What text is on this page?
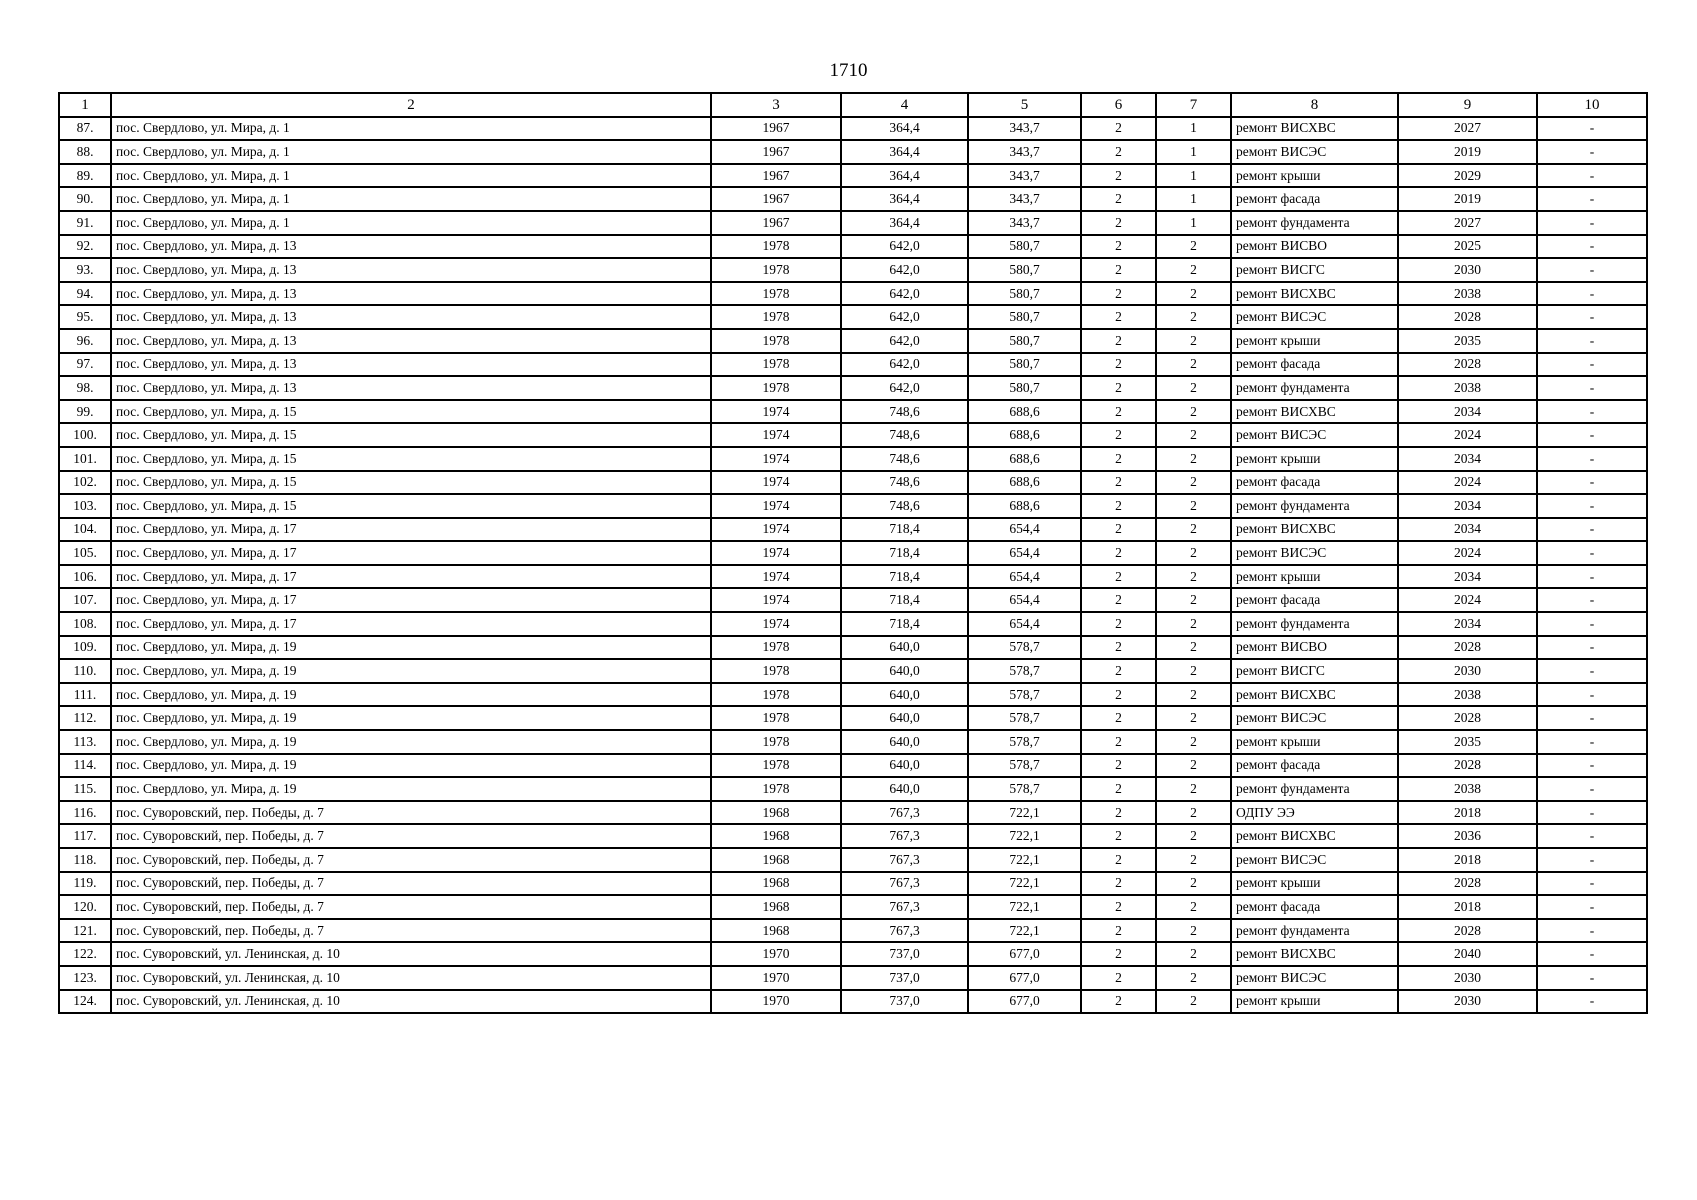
1710
1	2	3	4	5	6	7	8	9	10
87.	пос. Свердлово, ул. Мира, д. 1	1967	364,4	343,7	2	1	ремонт ВИСХВС	2027	-
88.	пос. Свердлово, ул. Мира, д. 1	1967	364,4	343,7	2	1	ремонт ВИСЭС	2019	-
89.	пос. Свердлово, ул. Мира, д. 1	1967	364,4	343,7	2	1	ремонт крыши	2029	-
90.	пос. Свердлово, ул. Мира, д. 1	1967	364,4	343,7	2	1	ремонт фасада	2019	-
91.	пос. Свердлово, ул. Мира, д. 1	1967	364,4	343,7	2	1	ремонт фундамента	2027	-
92.	пос. Свердлово, ул. Мира, д. 13	1978	642,0	580,7	2	2	ремонт ВИСВО	2025	-
93.	пос. Свердлово, ул. Мира, д. 13	1978	642,0	580,7	2	2	ремонт ВИСГС	2030	-
94.	пос. Свердлово, ул. Мира, д. 13	1978	642,0	580,7	2	2	ремонт ВИСХВС	2038	-
95.	пос. Свердлово, ул. Мира, д. 13	1978	642,0	580,7	2	2	ремонт ВИСЭС	2028	-
96.	пос. Свердлово, ул. Мира, д. 13	1978	642,0	580,7	2	2	ремонт крыши	2035	-
97.	пос. Свердлово, ул. Мира, д. 13	1978	642,0	580,7	2	2	ремонт фасада	2028	-
98.	пос. Свердлово, ул. Мира, д. 13	1978	642,0	580,7	2	2	ремонт фундамента	2038	-
99.	пос. Свердлово, ул. Мира, д. 15	1974	748,6	688,6	2	2	ремонт ВИСХВС	2034	-
100.	пос. Свердлово, ул. Мира, д. 15	1974	748,6	688,6	2	2	ремонт ВИСЭС	2024	-
101.	пос. Свердлово, ул. Мира, д. 15	1974	748,6	688,6	2	2	ремонт крыши	2034	-
102.	пос. Свердлово, ул. Мира, д. 15	1974	748,6	688,6	2	2	ремонт фасада	2024	-
103.	пос. Свердлово, ул. Мира, д. 15	1974	748,6	688,6	2	2	ремонт фундамента	2034	-
104.	пос. Свердлово, ул. Мира, д. 17	1974	718,4	654,4	2	2	ремонт ВИСХВС	2034	-
105.	пос. Свердлово, ул. Мира, д. 17	1974	718,4	654,4	2	2	ремонт ВИСЭС	2024	-
106.	пос. Свердлово, ул. Мира, д. 17	1974	718,4	654,4	2	2	ремонт крыши	2034	-
107.	пос. Свердлово, ул. Мира, д. 17	1974	718,4	654,4	2	2	ремонт фасада	2024	-
108.	пос. Свердлово, ул. Мира, д. 17	1974	718,4	654,4	2	2	ремонт фундамента	2034	-
109.	пос. Свердлово, ул. Мира, д. 19	1978	640,0	578,7	2	2	ремонт ВИСВО	2028	-
110.	пос. Свердлово, ул. Мира, д. 19	1978	640,0	578,7	2	2	ремонт ВИСГС	2030	-
111.	пос. Свердлово, ул. Мира, д. 19	1978	640,0	578,7	2	2	ремонт ВИСХВС	2038	-
112.	пос. Свердлово, ул. Мира, д. 19	1978	640,0	578,7	2	2	ремонт ВИСЭС	2028	-
113.	пос. Свердлово, ул. Мира, д. 19	1978	640,0	578,7	2	2	ремонт крыши	2035	-
114.	пос. Свердлово, ул. Мира, д. 19	1978	640,0	578,7	2	2	ремонт фасада	2028	-
115.	пос. Свердлово, ул. Мира, д. 19	1978	640,0	578,7	2	2	ремонт фундамента	2038	-
116.	пос. Суворовский, пер. Победы, д. 7	1968	767,3	722,1	2	2	ОДПУ ЭЭ	2018	-
117.	пос. Суворовский, пер. Победы, д. 7	1968	767,3	722,1	2	2	ремонт ВИСХВС	2036	-
118.	пос. Суворовский, пер. Победы, д. 7	1968	767,3	722,1	2	2	ремонт ВИСЭС	2018	-
119.	пос. Суворовский, пер. Победы, д. 7	1968	767,3	722,1	2	2	ремонт крыши	2028	-
120.	пос. Суворовский, пер. Победы, д. 7	1968	767,3	722,1	2	2	ремонт фасада	2018	-
121.	пос. Суворовский, пер. Победы, д. 7	1968	767,3	722,1	2	2	ремонт фундамента	2028	-
122.	пос. Суворовский, ул. Ленинская, д. 10	1970	737,0	677,0	2	2	ремонт ВИСХВС	2040	-
123.	пос. Суворовский, ул. Ленинская, д. 10	1970	737,0	677,0	2	2	ремонт ВИСЭС	2030	-
124.	пос. Суворовский, ул. Ленинская, д. 10	1970	737,0	677,0	2	2	ремонт крыши	2030	-
